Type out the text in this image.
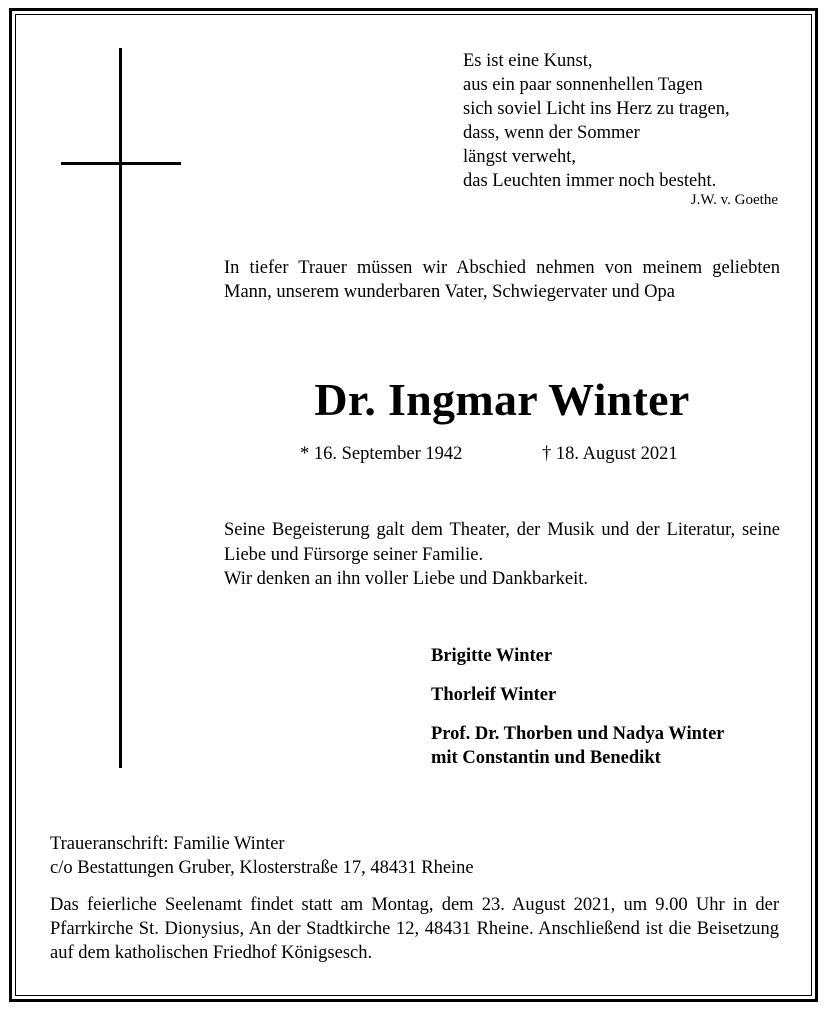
Es ist eine Kunst,
aus ein paar sonnenhellen Tagen
sich soviel Licht ins Herz zu tragen,
dass, wenn der Sommer
längst verweht,
das Leuchten immer noch besteht.
J.W. v. Goethe
In tiefer Trauer müssen wir Abschied nehmen von meinem geliebten Mann, unserem wunderbaren Vater, Schwiegervater und Opa
Dr. Ingmar Winter
* 16. September 1942	† 18. August 2021
Seine Begeisterung galt dem Theater, der Musik und der Literatur, seine Liebe und Fürsorge seiner Familie.
Wir denken an ihn voller Liebe und Dankbarkeit.
Brigitte Winter
Thorleif Winter
Prof. Dr. Thorben und Nadya Winter
mit Constantin und Benedikt
Traueranschrift: Familie Winter
c/o Bestattungen Gruber, Klosterstraße 17, 48431 Rheine
Das feierliche Seelenamt findet statt am Montag, dem 23. August 2021, um 9.00 Uhr in der Pfarrkirche St. Dionysius, An der Stadtkirche 12, 48431 Rheine. Anschließend ist die Beisetzung auf dem katholischen Friedhof Königsesch.
